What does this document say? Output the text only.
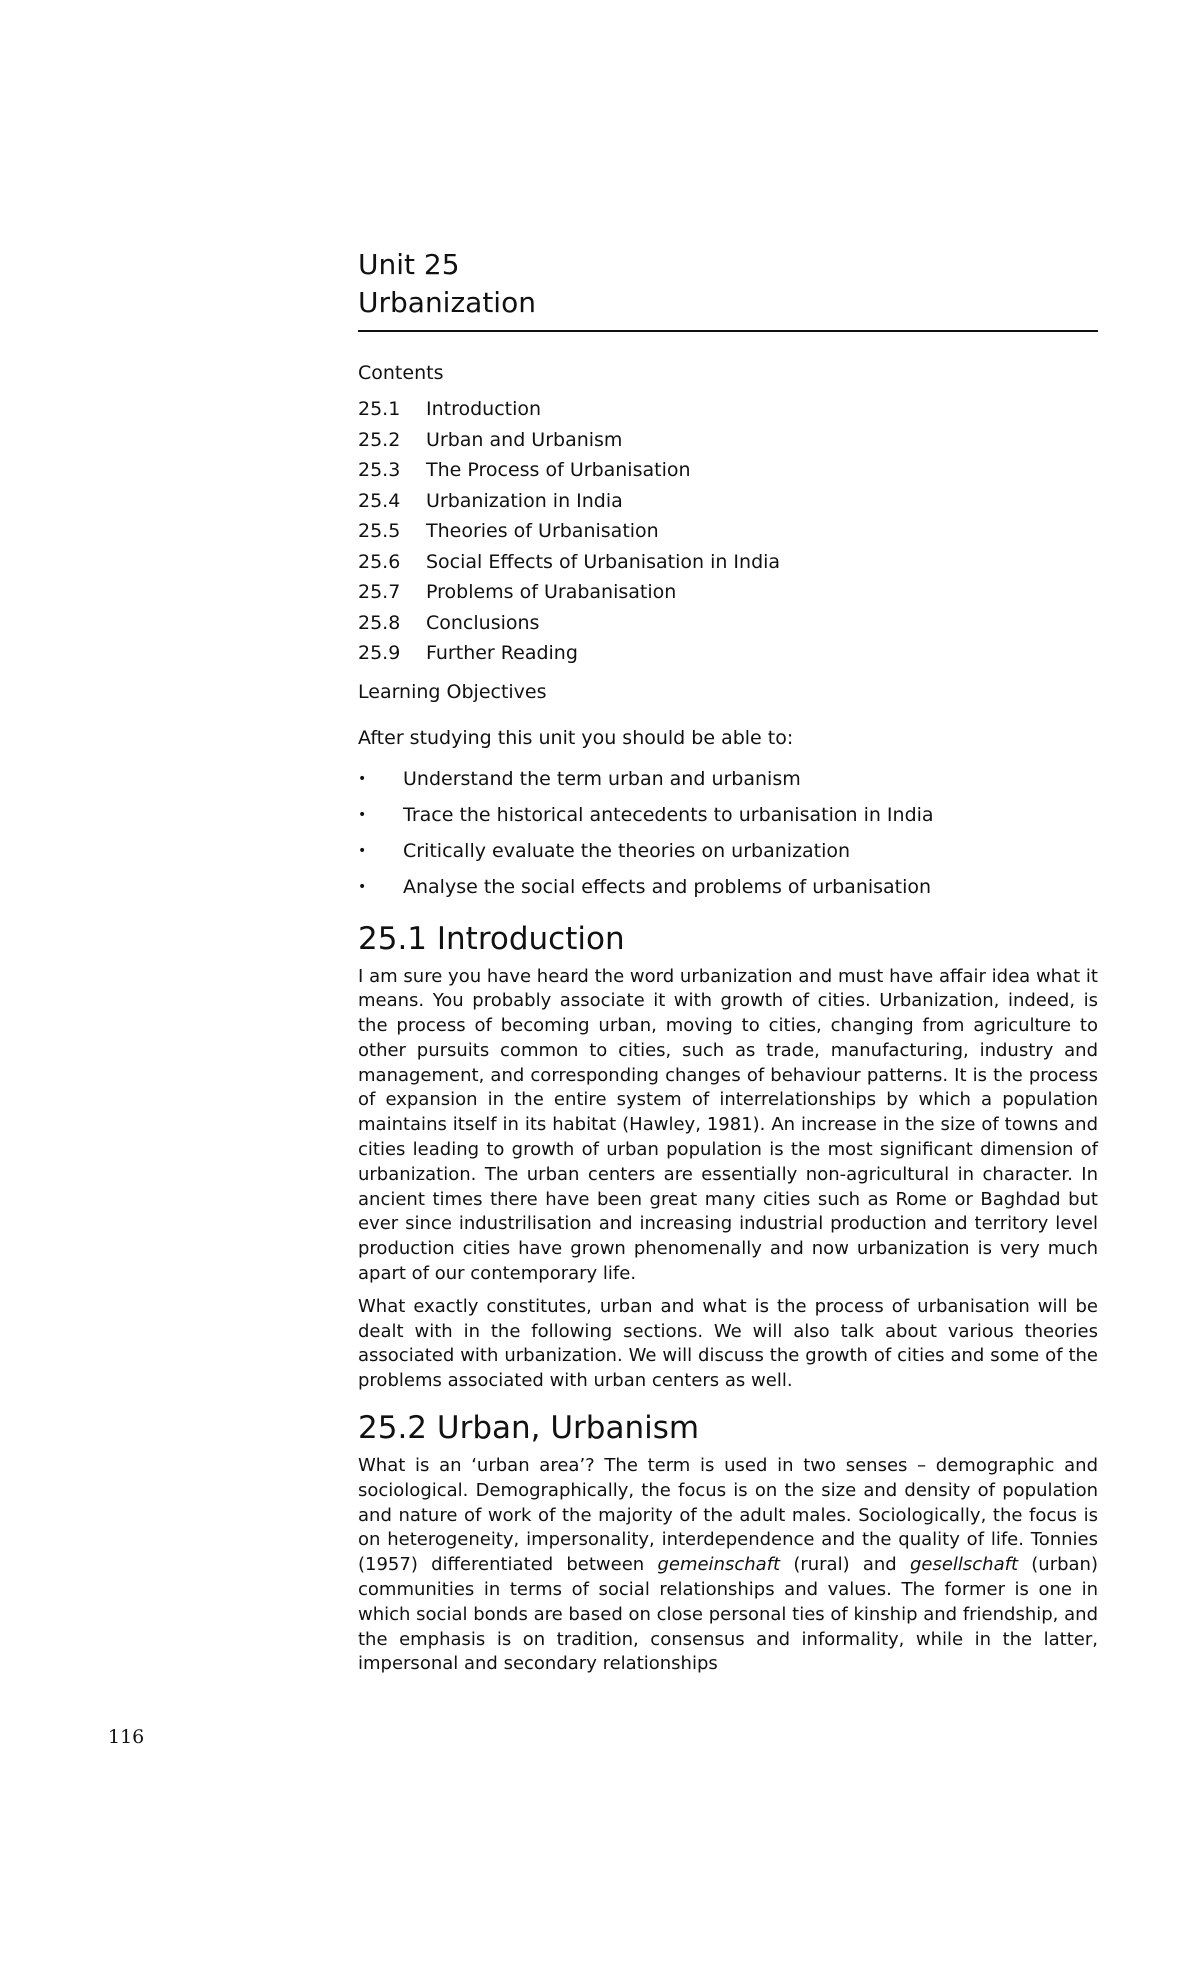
Unit 25
Urbanization

Contents

25.1	Introduction
25.2	Urban and Urbanism
25.3	The Process of Urbanisation
25.4	Urbanization in India
25.5	Theories of Urbanisation
25.6	Social Effects of Urbanisation in India
25.7	Problems of Urabanisation
25.8	Conclusions
25.9	Further Reading

Learning Objectives

After studying this unit you should be able to:

•	Understand the term urban and urbanism
•	Trace the historical antecedents to urbanisation in India
•	Critically evaluate the theories on urbanization
•	Analyse the social effects and problems of urbanisation
25.1 Introduction

I am sure you have heard the word urbanization and must have affair idea what it means. You probably associate it with growth of cities. Urbanization, indeed, is the process of becoming urban, moving to cities, changing from agriculture to other pursuits common to cities, such as trade, manufacturing, industry and management, and corresponding changes of behaviour patterns. It is the process of expansion in the entire system of interrelationships by which a population maintains itself in its habitat (Hawley, 1981). An increase in the size of towns and cities leading to growth of urban population is the most significant dimension of urbanization. The urban centers are essentially non-agricultural in character. In ancient times there have been great many cities such as Rome or Baghdad but ever since industrilisation and increasing industrial production and territory level production cities have grown phenomenally and now urbanization is very much apart of our contemporary life.

What exactly constitutes, urban and what is the process of urbanisation will be dealt with in the following sections. We will also talk about various theories associated with urbanization. We will discuss the growth of cities and some of the problems associated with urban centers as well.

25.2 Urban, Urbanism

What is an ‘urban area’? The term is used in two senses – demographic and sociological. Demographically, the focus is on the size and density of population and nature of work of the majority of the adult males. Sociologically, the focus is on heterogeneity, impersonality, interdependence and the quality of life. Tonnies (1957) differentiated between gemeinschaft (rural) and gesellschaft (urban) communities in terms of social relationships and values. The former is one in which social bonds are based on close personal ties of kinship and friendship, and the emphasis is on tradition, consensus and informality, while in the latter, impersonal and secondary relationships

116
